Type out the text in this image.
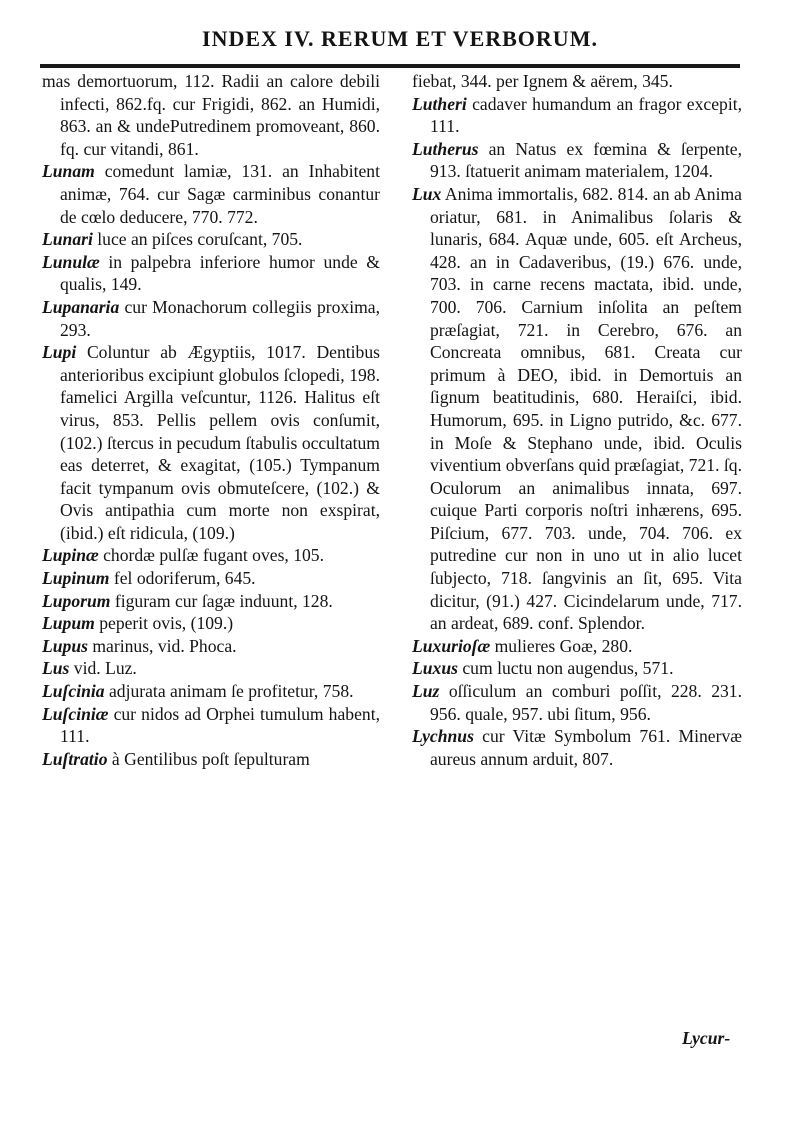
INDEX IV. RERUM ET VERBORUM.

mas demortuorum, 112. Radii an calore debili infecti, 862.fq. cur Frigidi, 862. an Humidi, 863. an & undePutredinem promoveant, 860. fq. cur vitandi, 861.

Lunam comedunt lamiæ, 131. an Inhabitent animæ, 764. cur Sagæ carminibus conantur de cœlo deducere, 770. 772.

Lunari luce an piſces coruſcant, 705.

Lunulæ in palpebra inferiore humor unde & qualis, 149.

Lupanaria cur Monachorum collegiis proxima, 293.

Lupi Coluntur ab Ægyptiis, 1017. Dentibus anterioribus excipiunt globulos ſclopedi, 198. famelici Argilla veſcuntur, 1126. Halitus eſt virus, 853. Pellis pellem ovis conſumit, (102.) ſtercus in pecudum ſtabulis occultatum eas deterret, & exagitat, (105.) Tympanum facit tympanum ovis obmuteſcere, (102.) & Ovis antipathia cum morte non exspirat, (ibid.) eſt ridicula, (109.)

Lupinæ chordæ pulſæ fugant oves, 105.

Lupinum fel odoriferum, 645.

Luporum figuram cur ſagæ induunt, 128.

Lupum peperit ovis, (109.)

Lupus marinus, vid. Phoca.

Lus vid. Luz.

Luſcinia adjurata animam ſe profitetur, 758.

Luſciniæ cur nidos ad Orphei tumulum habent, 111.

Luſtratio à Gentilibus poſt ſepulturam

fiebat, 344. per Ignem & aërem, 345.

Lutheri cadaver humandum an fragor excepit, 111.

Lutherus an Natus ex fœmina & ſerpente, 913. ſtatuerit animam materialem, 1204.

Lux Anima immortalis, 682. 814. an ab Anima oriatur, 681. in Animalibus ſolaris & lunaris, 684. Aquæ unde, 605. eſt Archeus, 428. an in Cadaveribus, (19.) 676. unde, 703. in carne recens mactata, ibid. unde, 700. 706. Carnium inſolita an peſtem præſagiat, 721. in Cerebro, 676. an Concreata omnibus, 681. Creata cur primum à DEO, ibid. in Demortuis an ſignum beatitudinis, 680. Heraiſci, ibid. Humorum, 695. in Ligno putrido, &c. 677. in Moſe & Stephano unde, ibid. Oculis viventium obverſans quid præſagiat, 721. ſq. Oculorum an animalibus innata, 697. cuique Parti corporis noſtri inhærens, 695. Piſcium, 677. 703. unde, 704. 706. ex putredine cur non in uno ut in alio lucet ſubjecto, 718. ſangvinis an ſit, 695. Vita dicitur, (91.) 427. Cicindelarum unde, 717. an ardeat, 689. conf. Splendor.

Luxurioſæ mulieres Goæ, 280.

Luxus cum luctu non augendus, 571.

Luz oſſiculum an comburi poſſit, 228. 231. 956. quale, 957. ubi ſitum, 956.

Lychnus cur Vitæ Symbolum 761. Minervæ aureus annum arduit, 807.

Lycur-
